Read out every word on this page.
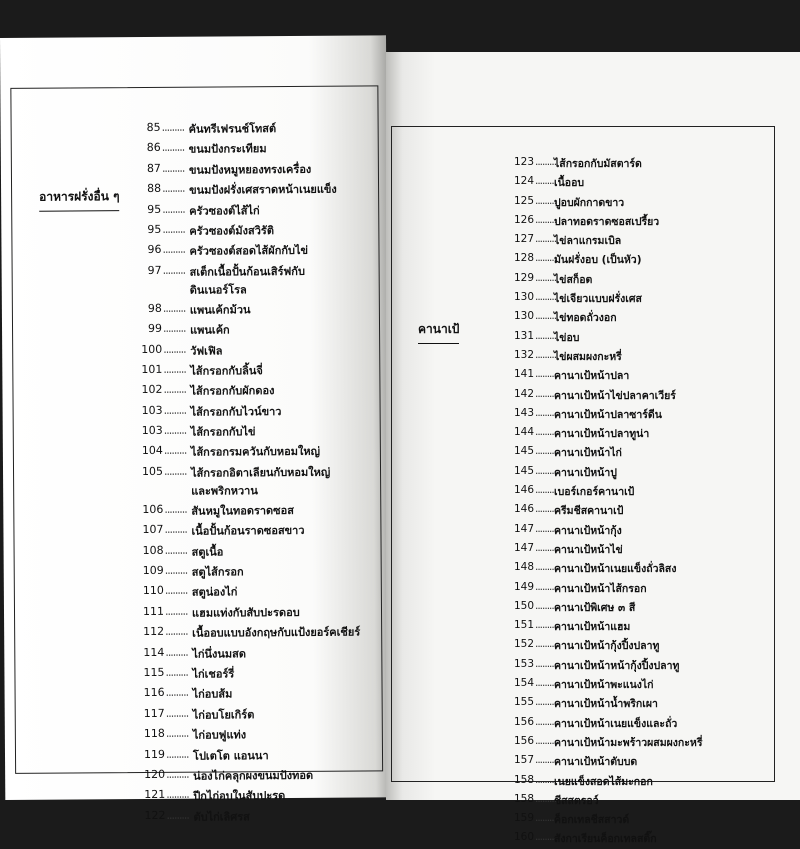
อาหารฝรั่งอื่น ๆ
85 ......... คันทรีเฟรนช์โทสต์
86 ......... ขนมปังกระเทียม
87 ......... ขนมปังหมูหยองทรงเครื่อง
88 ......... ขนมปังฝรั่งเศสราดหน้าเนยแข็ง
95 ......... ครัวซองต์ไส้ไก่
95 ......... ครัวซองต์มังสวิรัติ
96 ......... ครัวซองต์สอดไส้ผักกับไข่
97 ......... สเต็กเนื้อปั้นก้อนเสิร์ฟกับ
ดินเนอร์โรล
98 ......... แพนเค้กม้วน
99 ......... แพนเค้ก
100 ......... วัฟเฟิล
101 ......... ไส้กรอกกับลิ้นจี่
102 ......... ไส้กรอกกับผักดอง
103 ......... ไส้กรอกกับไวน์ขาว
103 ......... ไส้กรอกกับไข่
104 ......... ไส้กรอกรมควันกับหอมใหญ่
105 ......... ไส้กรอกอิตาเลียนกับหอมใหญ่
และพริกหวาน
106 ......... สันหมูในทอดราดซอส
107 ......... เนื้อปั้นก้อนราดซอสขาว
108 ......... สตูเนื้อ
109 ......... สตูไส้กรอก
110 ......... สตูน่องไก่
111 ......... แฮมแท่งกับสับปะรดอบ
112 ......... เนื้ออบแบบอังกฤษกับแป้งยอร์คเชียร์
114 ......... ไก่นึ่งนมสด
115 ......... ไก่เชอร์รี่
116 ......... ไก่อบส้ม
117 ......... ไก่อบโยเกิร์ต
118 ......... ไก่อบฟูแท่ง
119 ......... โปเตโต แอนนา
120 ......... น่องไก่คลุกผงขนมปังทอด
121 ......... ปีกไก่อบในสับปะรด
122 ......... ตับไก่เลิศรส
คานาเป้
123 .........
ไส้กรอกกับมัสตาร์ด
124 .........
เนื้ออบ
125 .........
ปูอบผักกาดขาว
126 .........
ปลาทอดราดซอสเปรี้ยว
127 .........
ไข่ลาแกรมเบิล
128 .........
มันฝรั่งอบ (เป็นหัว)
129 .........
ไข่สก็อต
130 .........
ไข่เจียวแบบฝรั่งเศส
130 .........
ไข่ทอดถั่วงอก
131 .........
ไข่อบ
132 .........
ไข่ผสมผงกะหรี่
141 .........
คานาเป้หน้าปลา
142 .........
คานาเป้หน้าไข่ปลาคาเวียร์
143 .........
คานาเป้หน้าปลาซาร์ดีน
144 .........
คานาเป้หน้าปลาทูน่า
145 .........
คานาเป้หน้าไก่
145 .........
คานาเป้หน้าปู
146 .........
เบอร์เกอร์คานาเป้
146 .........
ครีมชีสคานาเป้
147 .........
คานาเป้หน้ากุ้ง
147 .........
คานาเป้หน้าไข่
148 .........
คานาเป้หน้าเนยแข็งถั่วลิสง
149 .........
คานาเป้หน้าไส้กรอก
150 .........
คานาเป้พิเศษ ๓ สี
151 .........
คานาเป้หน้าแฮม
152 .........
คานาเป้หน้ากุ้งปิ้งปลาทู
153 .........
คานาเป้หน้าหน้ากุ้งปิ้งปลาทู
154 .........
คานาเป้หน้าพะแนงไก่
155 .........
คานาเป้หน้าน้ำพริกเผา
156 .........
คานาเป้หน้าเนยแข็งและถั่ว
156 .........
คานาเป้หน้ามะพร้าวผสมผงกะหรี่
157 .........
คานาเป้หน้าตับบด
158 .........
เนยแข็งสอดไส้มะกอก
158 .........
ชีสสตรอว์
159 .........
ค็อกเทลชีสสาวด์
160 .........
สังกาเรียนค็อกเทลสติ๊ก
